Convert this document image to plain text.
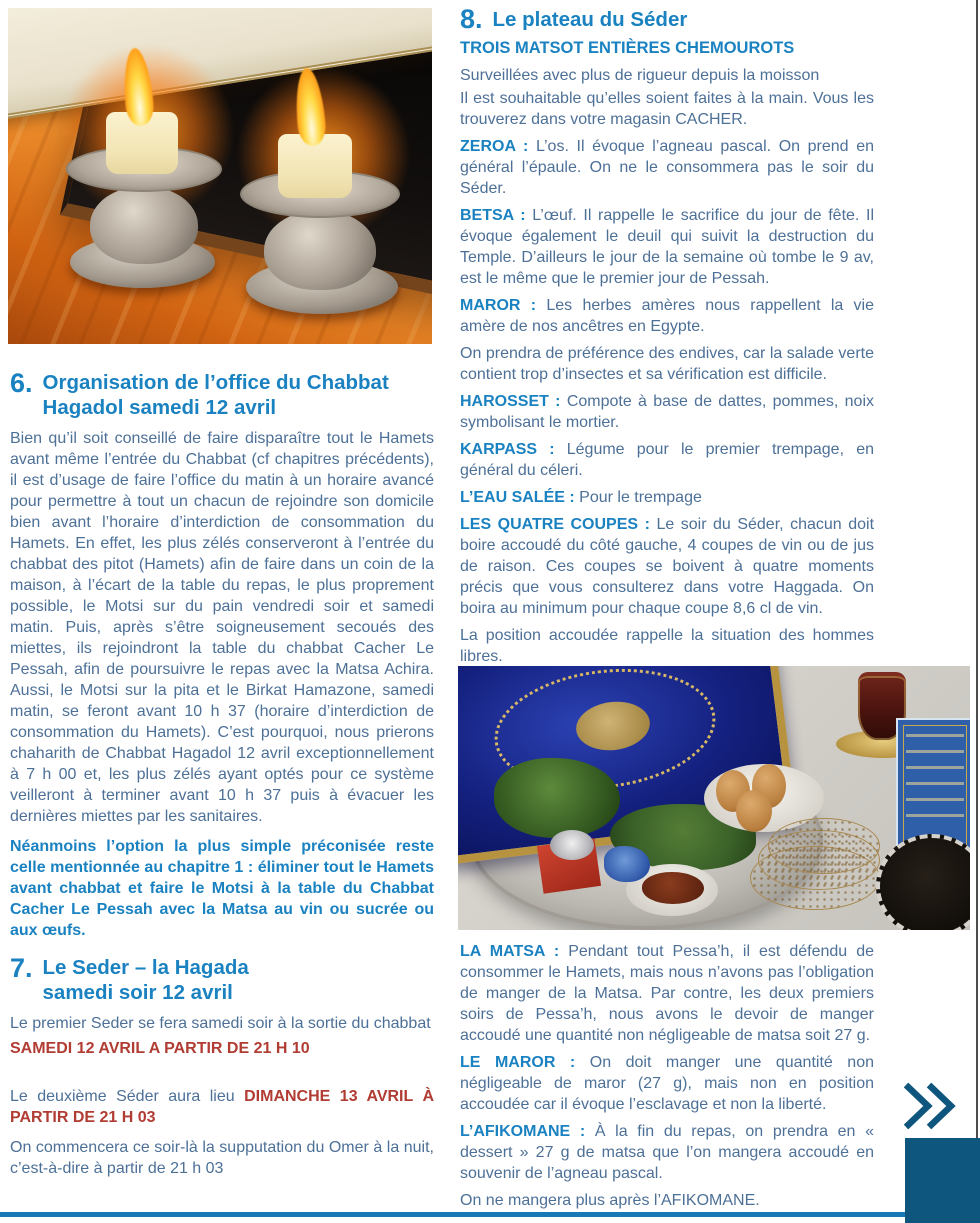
6. Organisation de l’office du Chabbat
Hagadol samedi 12 avril

Bien qu’il soit conseillé de faire disparaître tout le Hamets avant même l’entrée du Chabbat (cf chapitres précédents), il est d’usage de faire l’office du matin à un horaire avancé pour permettre à tout un chacun de rejoindre son domicile bien avant l’horaire d’interdiction de consommation du Hamets. En effet, les plus zélés conserveront à l’entrée du chabbat des pitot (Hamets) afin de faire dans un coin de la maison, à l’écart de la table du repas, le plus proprement possible, le Motsi sur du pain vendredi soir et samedi matin. Puis, après s’être soigneusement secoués des miettes, ils rejoindront la table du chabbat Cacher Le Pessah, afin de poursuivre le repas avec la Matsa Achira. Aussi, le Motsi sur la pita et le Birkat Hamazone, samedi matin, se feront avant 10 h 37 (horaire d’interdiction de consommation du Hamets). C’est pourquoi, nous prierons chaharith de Chabbat Hagadol 12 avril exceptionnellement à 7 h 00 et, les plus zélés ayant optés pour ce système veilleront à terminer avant 10 h 37 puis à évacuer les dernières miettes par les sanitaires.

Néanmoins l’option la plus simple préconisée reste celle mentionnée au chapitre 1 : éliminer tout le Hamets avant chabbat et faire le Motsi à la table du Chabbat Cacher Le Pessah avec la Matsa au vin ou sucrée ou aux œufs.

7. Le Seder – la Hagada
samedi soir 12 avril

Le premier Seder se fera samedi soir à la sortie du chabbat

SAMEDI 12 AVRIL A PARTIR DE 21 H 10

Le deuxième Séder aura lieu DIMANCHE 13 AVRIL À PARTIR DE 21 H 03

On commencera ce soir-là la supputation du Omer à la nuit, c’est-à-dire à partir de 21 h 03

8. Le plateau du Séder

TROIS MATSOT ENTIÈRES CHEMOUROTS

Surveillées avec plus de rigueur depuis la moisson

Il est souhaitable qu’elles soient faites à la main. Vous les trouverez dans votre magasin CACHER.

ZEROA : L’os. Il évoque l’agneau pascal. On prend en général l’épaule. On ne le consommera pas le soir du Séder.

BETSA : L’œuf. Il rappelle le sacrifice du jour de fête. Il évoque également le deuil qui suivit la destruction du Temple. D’ailleurs le jour de la semaine où tombe le 9 av, est le même que le premier jour de Pessah.

MAROR : Les herbes amères nous rappellent la vie amère de nos ancêtres en Egypte.

On prendra de préférence des endives, car la salade verte contient trop d’insectes et sa vérification est difficile.

HAROSSET : Compote à base de dattes, pommes, noix symbolisant le mortier.

KARPASS : Légume pour le premier trempage, en général du céleri.

L’EAU SALÉE : Pour le trempage

LES QUATRE COUPES : Le soir du Séder, chacun doit boire accoudé du côté gauche, 4 coupes de vin ou de jus de raison. Ces coupes se boivent à quatre moments précis que vous consulterez dans votre Haggada. On boira au minimum pour chaque coupe 8,6 cl de vin.

La position accoudée rappelle la situation des hommes libres.

LA MATSA : Pendant tout Pessa’h, il est défendu de consommer le Hamets, mais nous n’avons pas l’obligation de manger de la Matsa. Par contre, les deux premiers soirs de Pessa’h, nous avons le devoir de manger accoudé une quantité non négligeable de matsa soit 27 g.

LE MAROR : On doit manger une quantité non négligeable de maror (27 g), mais non en position accoudée car il évoque l’esclavage et non la liberté.

L’AFIKOMANE : À la fin du repas, on prendra en « dessert » 27 g de matsa que l’on mangera accoudé en souvenir de l’agneau pascal.

On ne mangera plus après l’AFIKOMANE.
